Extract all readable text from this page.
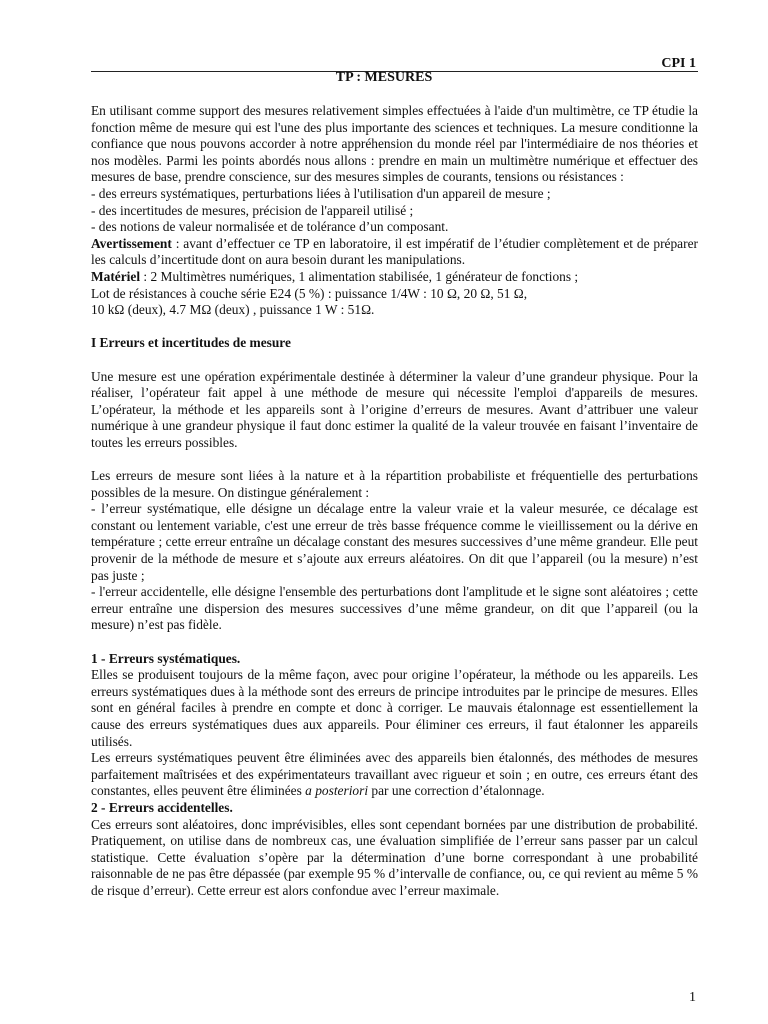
CPI 1
TP : MESURES

En utilisant comme support des mesures relativement simples effectuées à l'aide d'un multimètre, ce TP étudie la fonction même de mesure qui est l'une des plus importante des sciences et techniques. La mesure conditionne la confiance que nous pouvons accorder à notre appréhension du monde réel par l'intermédiaire de nos théories et nos modèles. Parmi les points abordés nous allons : prendre en main un multimètre numérique et effectuer des mesures de base, prendre conscience, sur des mesures simples de courants, tensions ou résistances :

- des erreurs systématiques, perturbations liées à l'utilisation d'un appareil de mesure ;

- des incertitudes de mesures, précision de l'appareil utilisé ;

- des notions de valeur normalisée et de tolérance d’un composant.

Avertissement : avant d’effectuer ce TP en laboratoire, il est impératif de l’étudier complètement et de préparer les calculs d’incertitude dont on aura besoin durant les manipulations.

Matériel : 2 Multimètres numériques, 1 alimentation stabilisée, 1 générateur de fonctions ;

Lot de résistances à couche série E24 (5 %) : puissance 1/4W : 10 Ω, 20 Ω, 51 Ω,

10 kΩ (deux), 4.7 MΩ (deux) , puissance 1 W : 51Ω.

I Erreurs et incertitudes de mesure

Une mesure est une opération expérimentale destinée à déterminer la valeur d’une grandeur physique. Pour la réaliser, l’opérateur fait appel à une méthode de mesure qui nécessite l'emploi d'appareils de mesures. L’opérateur, la méthode et les appareils sont à l’origine d’erreurs de mesures. Avant d’attribuer une valeur numérique à une grandeur physique il faut donc estimer la qualité de la valeur trouvée en faisant l’inventaire de toutes les erreurs possibles.

Les erreurs de mesure sont liées à la nature et à la répartition probabiliste et fréquentielle des perturbations possibles de la mesure. On distingue généralement :

- l’erreur systématique, elle désigne un décalage entre la valeur vraie et la valeur mesurée, ce décalage est constant ou lentement variable, c'est une erreur de très basse fréquence comme le vieillissement ou la dérive en température ; cette erreur entraîne un décalage constant des mesures successives d’une même grandeur. Elle peut provenir de la méthode de mesure et s’ajoute aux erreurs aléatoires. On dit que l’appareil (ou la mesure) n’est pas juste ;

- l'erreur accidentelle, elle désigne l'ensemble des perturbations dont l'amplitude et le signe sont aléatoires ; cette erreur entraîne une dispersion des mesures successives d’une même grandeur, on dit que l’appareil (ou la mesure) n’est pas fidèle.

1 - Erreurs systématiques.

Elles se produisent toujours de la même façon, avec pour origine l’opérateur, la méthode ou les appareils. Les erreurs systématiques dues à la méthode sont des erreurs de principe introduites par le principe de mesures. Elles sont en général faciles à prendre en compte et donc à corriger. Le mauvais étalonnage est essentiellement la cause des erreurs systématiques dues aux appareils. Pour éliminer ces erreurs, il faut étalonner les appareils utilisés.

Les erreurs systématiques peuvent être éliminées avec des appareils bien étalonnés, des méthodes de mesures parfaitement maîtrisées et des expérimentateurs travaillant avec rigueur et soin ; en outre, ces erreurs étant des constantes, elles peuvent être éliminées a posteriori par une correction d’étalonnage.

2 - Erreurs accidentelles.

Ces erreurs sont aléatoires, donc imprévisibles, elles sont cependant bornées par une distribution de probabilité. Pratiquement, on utilise dans de nombreux cas, une évaluation simplifiée de l’erreur sans passer par un calcul statistique. Cette évaluation s’opère par la détermination d’une borne correspondant à une probabilité raisonnable de ne pas être dépassée (par exemple 95 % d’intervalle de confiance, ou, ce qui revient au même 5 % de risque d’erreur). Cette erreur est alors confondue avec l’erreur maximale.

1
